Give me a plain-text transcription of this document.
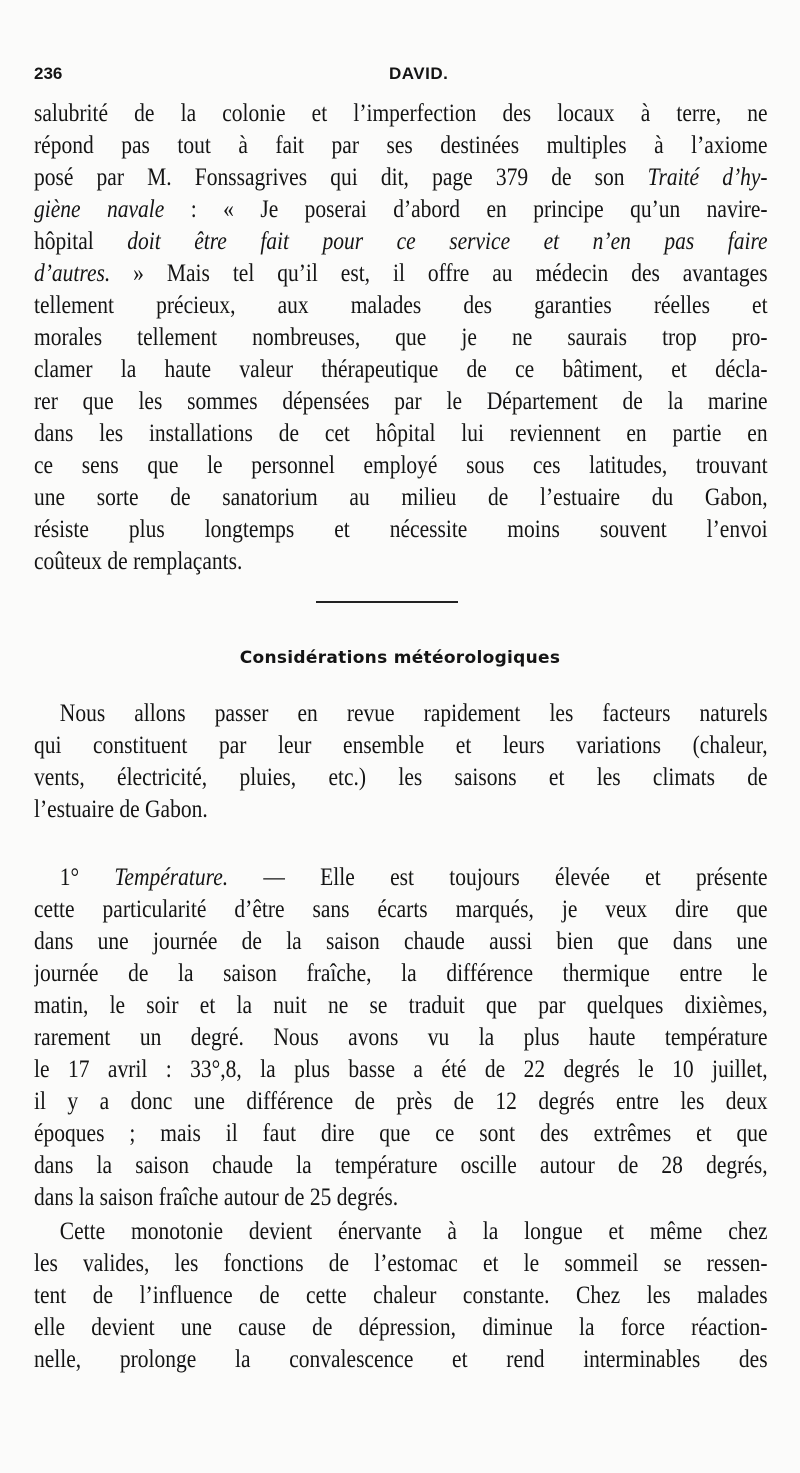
236	DAVID.
salubrité de la colonie et l’imperfection des locaux à terre, ne
répond pas tout à fait par ses destinées multiples à l’axiome
posé par M. Fonssagrives qui dit, page 379 de son Traité d’hy-
giène navale : « Je poserai d’abord en principe qu’un navire-
hôpital doit être fait pour ce service et n’en pas faire
d’autres. » Mais tel qu’il est, il offre au médecin des avantages
tellement précieux, aux malades des garanties réelles et
morales tellement nombreuses, que je ne saurais trop pro-
clamer la haute valeur thérapeutique de ce bâtiment, et décla-
rer que les sommes dépensées par le Département de la marine
dans les installations de cet hôpital lui reviennent en partie en
ce sens que le personnel employé sous ces latitudes, trouvant
une sorte de sanatorium au milieu de l’estuaire du Gabon,
résiste plus longtemps et nécessite moins souvent l’envoi
coûteux de remplaçants.
Considérations météorologiques
Nous allons passer en revue rapidement les facteurs naturels
qui constituent par leur ensemble et leurs variations (chaleur,
vents, électricité, pluies, etc.) les saisons et les climats de
l’estuaire de Gabon.
1° Température. — Elle est toujours élevée et présente
cette particularité d’être sans écarts marqués, je veux dire que
dans une journée de la saison chaude aussi bien que dans une
journée de la saison fraîche, la différence thermique entre le
matin, le soir et la nuit ne se traduit que par quelques dixièmes,
rarement un degré. Nous avons vu la plus haute température
le 17 avril : 33°,8, la plus basse a été de 22 degrés le 10 juillet,
il y a donc une différence de près de 12 degrés entre les deux
époques ; mais il faut dire que ce sont des extrêmes et que
dans la saison chaude la température oscille autour de 28 degrés,
dans la saison fraîche autour de 25 degrés.
Cette monotonie devient énervante à la longue et même chez
les valides, les fonctions de l’estomac et le sommeil se ressen-
tent de l’influence de cette chaleur constante. Chez les malades
elle devient une cause de dépression, diminue la force réaction-
nelle, prolonge la convalescence et rend interminables des
